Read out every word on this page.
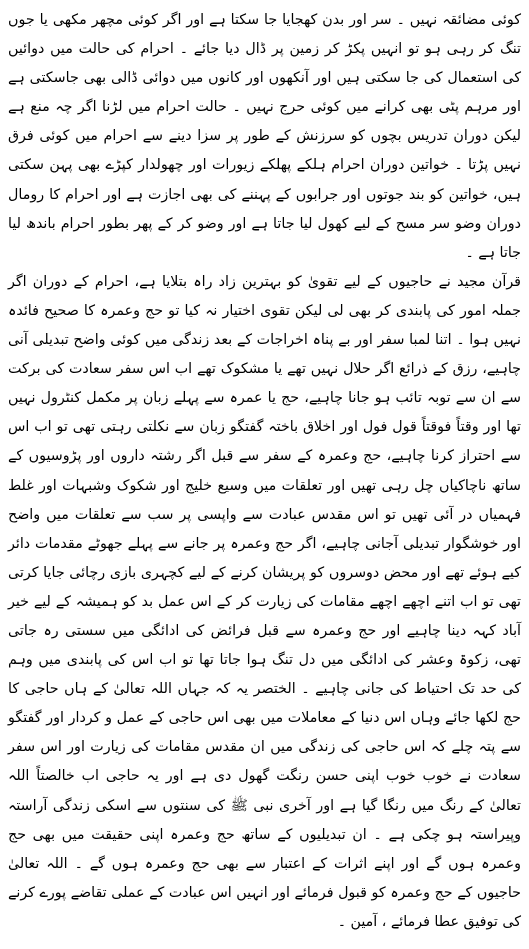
کوئی مضائقہ نہیں ۔ سر اور بدن کھجایا جا سکتا ہے اور اگر کوئی مچھر مکھی یا جوں تنگ کر رہی ہو تو انہیں پکڑ کر زمین پر ڈال دیا جائے ۔ احرام کی حالت میں دوائیں کی استعمال کی جا سکتی ہیں اور آنکھوں اور کانوں میں دوائی ڈالی بھی جاسکتی ہے اور مرہم پٹی بھی کرانے میں کوئی حرج نہیں ۔ حالت احرام میں لڑنا اگر چہ منع ہے لیکن دوران تدریس بچوں کو سرزنش کے طور پر سزا دینے سے احرام میں کوئی فرق نہیں پڑتا ۔ خواتین دوران احرام ہلکے پھلکے زیورات اور چھولدار کپڑے بھی پہن سکتی ہیں، خواتین کو بند جوتوں اور جرابوں کے پہننے کی بھی اجازت ہے اور احرام کا رومال دوران وضو سر مسح کے لیے کھول لیا جاتا ہے اور وضو کر کے پھر بطور احرام باندھ لیا جاتا ہے ۔

قرآن مجید نے حاجیوں کے لیے تقویٰ کو بہترین زاد راہ بتلایا ہے، احرام کے دوران اگر جملہ امور کی پابندی کر بھی لی لیکن تقوی اختیار نہ کیا تو حج وعمرہ کا صحیح فائدہ نہیں ہوا ۔ اتنا لمبا سفر اور بے پناہ اخراجات کے بعد زندگی میں کوئی واضح تبدیلی آنی چاہیے، رزق کے ذرائع اگر حلال نہیں تھے یا مشکوک تھے اب اس سفر سعادت کی برکت سے ان سے توبہ تائب ہو جانا چاہیے، حج یا عمرہ سے پہلے زبان پر مکمل کنٹرول نہیں تھا اور وقتاً فوقتاً قول فول اور اخلاق باختہ گفتگو زبان سے نکلتی رہتی تھی تو اب اس سے احتراز کرنا چاہیے، حج وعمرہ کے سفر سے قبل اگر رشتہ داروں اور پڑوسیوں کے ساتھ ناچاکیاں چل رہی تھیں اور تعلقات میں وسیع خلیج اور شکوک وشبہات اور غلط فہمیاں در آئی تھیں تو اس مقدس عبادت سے واپسی پر سب سے تعلقات میں واضح اور خوشگوار تبدیلی آجانی چاہیے، اگر حج وعمرہ پر جانے سے پہلے جھوٹے مقدمات دائر کیے ہوئے تھے اور محض دوسروں کو پریشان کرنے کے لیے کچہری بازی رچائی جایا کرتی تھی تو اب اتنے اچھے اچھے مقامات کی زیارت کر کے اس عمل بد کو ہمیشہ کے لیے خیر آباد کہہ دینا چاہیے اور حج وعمرہ سے قبل فرائض کی ادائگی میں سستی رہ جاتی تھی، زکوۃ وعشر کی ادائگی میں دل تنگ ہوا جاتا تھا تو اب اس کی پابندی میں وہم کی حد تک احتیاط کی جانی چاہیے ۔ الختصر یہ کہ جہاں اللہ تعالیٰ کے ہاں حاجی کا حج لکھا جائے وہاں اس دنیا کے معاملات میں بھی اس حاجی کے عمل و کردار اور گفتگو سے پتہ چلے کہ اس حاجی کی زندگی میں ان مقدس مقامات کی زیارت اور اس سفر سعادت نے خوب خوب اپنی حسن رنگت گھول دی ہے اور یہ حاجی اب خالصتاً اللہ تعالیٰ کے رنگ میں رنگا گیا ہے اور آخری نبی ﷺ کی سنتوں سے اسکی زندگی آراستہ وپیراستہ ہو چکی ہے ۔ ان تبدیلیوں کے ساتھ حج وعمرہ اپنی حقیقت میں بھی حج وعمرہ ہوں گے اور اپنے اثرات کے اعتبار سے بھی حج وعمرہ ہوں گے ۔ اللہ تعالیٰ حاجیوں کے حج وعمرہ کو قبول فرمائے اور انہیں اس عبادت کے عملی تقاضے پورے کرنے کی توفیق عطا فرمائے ، آمین ۔
